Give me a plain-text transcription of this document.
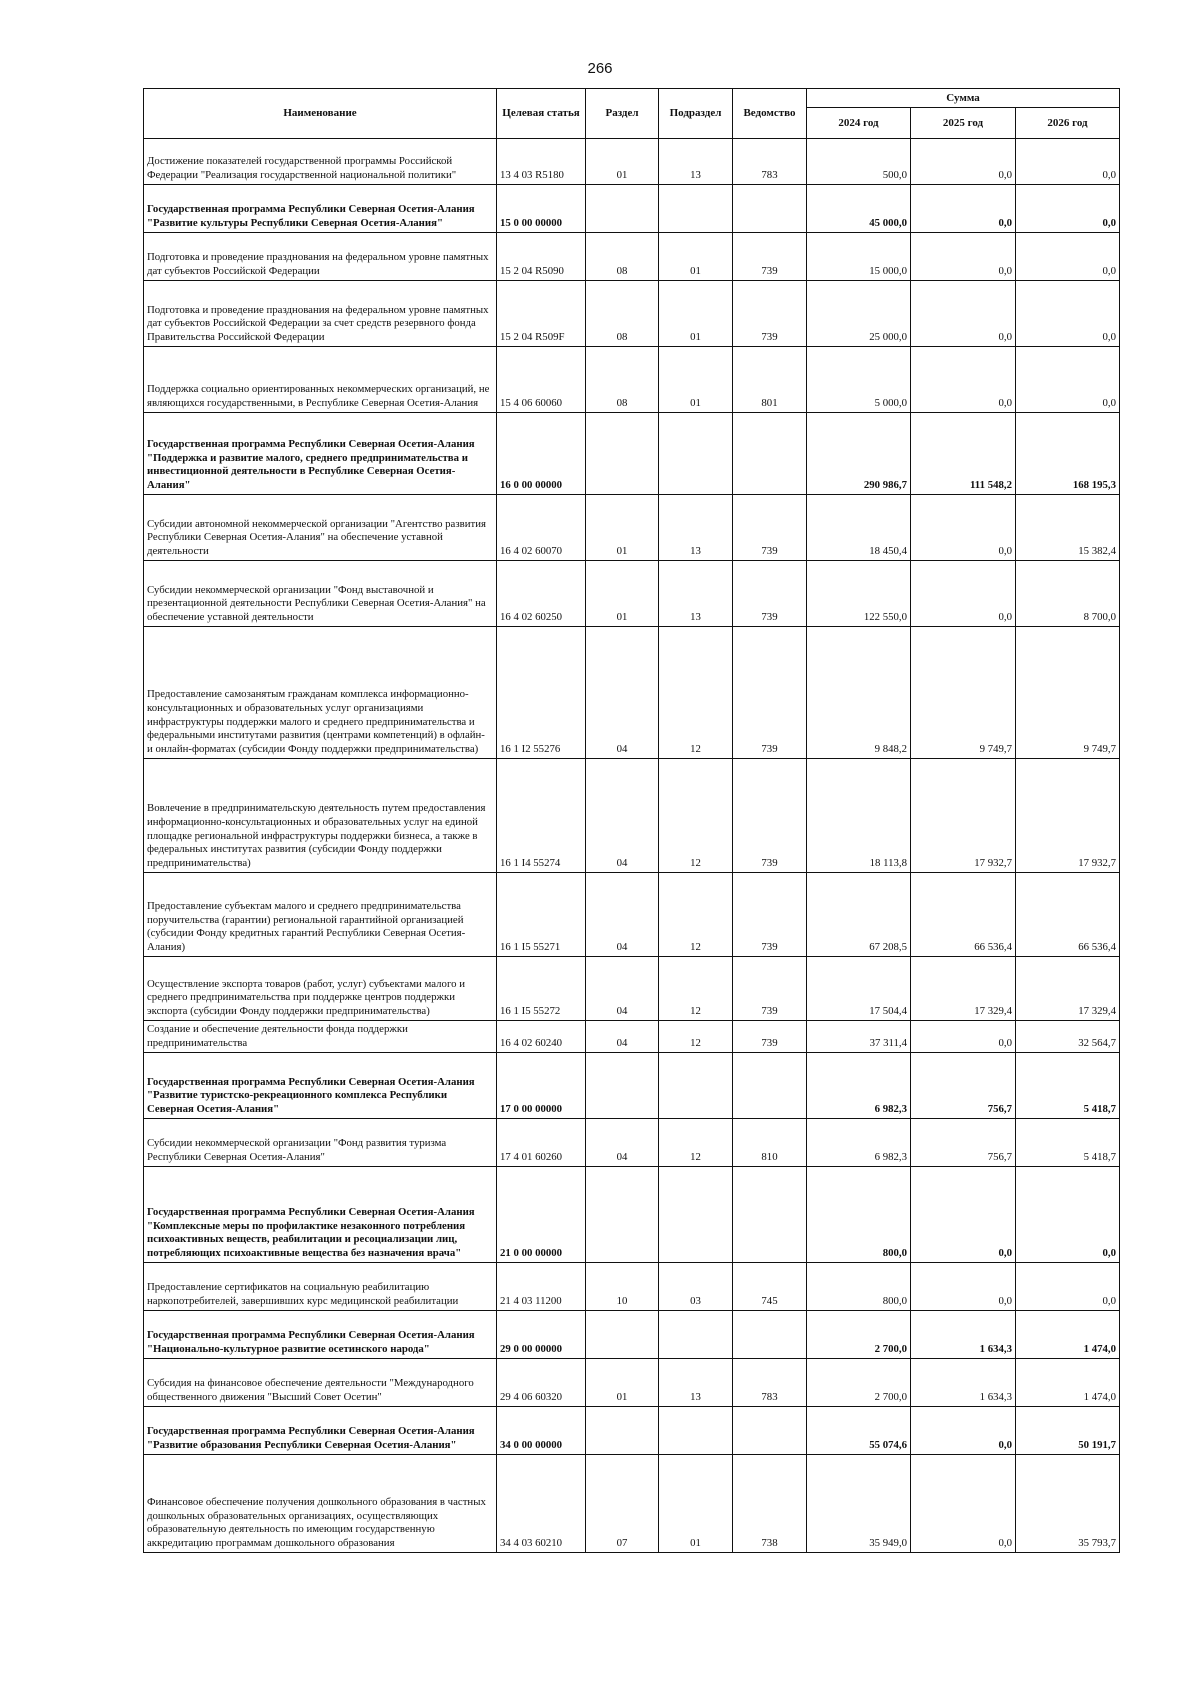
266
Наименование	Целевая статья	Раздел	Подраздел	Ведомство	Сумма		
					2024 год	2025 год	2026 год
Достижение показателей государственной программы Российской Федерации "Реализация государственной национальной политики"	13 4 03 R5180	01	13	783	500,0	0,0	0,0
Государственная программа Республики Северная Осетия-Алания "Развитие культуры Республики Северная Осетия-Алания"	15 0 00 00000				45 000,0	0,0	0,0
Подготовка и проведение празднования на федеральном уровне памятных дат субъектов Российской Федерации	15 2 04 R5090	08	01	739	15 000,0	0,0	0,0
Подготовка и проведение празднования на федеральном уровне памятных дат субъектов Российской Федерации за счет средств резервного фонда Правительства Российской Федерации	15 2 04 R509F	08	01	739	25 000,0	0,0	0,0
Поддержка социально ориентированных некоммерческих организаций, не являющихся государственными, в Республике Северная Осетия-Алания	15 4 06 60060	08	01	801	5 000,0	0,0	0,0
Государственная программа Республики Северная Осетия-Алания "Поддержка и развитие малого, среднего предпринимательства и инвестиционной деятельности в Республике Северная Осетия-Алания"	16 0 00 00000				290 986,7	111 548,2	168 195,3
Субсидии автономной некоммерческой организации "Агентство развития Республики Северная Осетия-Алания" на обеспечение уставной деятельности	16 4 02 60070	01	13	739	18 450,4	0,0	15 382,4
Субсидии некоммерческой организации "Фонд выставочной и презентационной деятельности Республики Северная Осетия-Алания" на обеспечение уставной деятельности	16 4 02 60250	01	13	739	122 550,0	0,0	8 700,0
Предоставление самозанятым гражданам комплекса информационно-консультационных и образовательных услуг организациями инфраструктуры поддержки малого и среднего предпринимательства и федеральными институтами развития (центрами компетенций) в офлайн- и онлайн-форматах (субсидии Фонду поддержки предпринимательства)	16 1 I2 55276	04	12	739	9 848,2	9 749,7	9 749,7
Вовлечение в предпринимательскую деятельность путем предоставления информационно-консультационных и образовательных услуг на единой площадке региональной инфраструктуры поддержки бизнеса, а также в федеральных институтах развития (субсидии Фонду поддержки предпринимательства)	16 1 I4 55274	04	12	739	18 113,8	17 932,7	17 932,7
Предоставление субъектам малого и среднего предпринимательства поручительства (гарантии) региональной гарантийной организацией (субсидии Фонду кредитных гарантий Республики Северная Осетия-Алания)	16 1 I5 55271	04	12	739	67 208,5	66 536,4	66 536,4
Осуществление экспорта товаров (работ, услуг) субъектами малого и среднего предпринимательства при поддержке центров поддержки экспорта (субсидии Фонду поддержки предпринимательства)	16 1 I5 55272	04	12	739	17 504,4	17 329,4	17 329,4
Создание и обеспечение деятельности фонда поддержки предпринимательства	16 4 02 60240	04	12	739	37 311,4	0,0	32 564,7
Государственная программа Республики Северная Осетия-Алания "Развитие туристско-рекреационного комплекса Республики Северная Осетия-Алания"	17 0 00 00000				6 982,3	756,7	5 418,7
Субсидии некоммерческой организации "Фонд развития туризма Республики Северная Осетия-Алания"	17 4 01 60260	04	12	810	6 982,3	756,7	5 418,7
Государственная программа Республики Северная Осетия-Алания "Комплексные меры по профилактике незаконного потребления психоактивных веществ, реабилитации и ресоциализации лиц, потребляющих психоактивные вещества без назначения врача"	21 0 00 00000				800,0	0,0	0,0
Предоставление сертификатов на социальную реабилитацию наркопотребителей, завершивших курс медицинской реабилитации	21 4 03 11200	10	03	745	800,0	0,0	0,0
Государственная программа Республики Северная Осетия-Алания "Национально-культурное развитие осетинского народа"	29 0 00 00000				2 700,0	1 634,3	1 474,0
Субсидия на финансовое обеспечение деятельности "Международного общественного движения "Высший Совет Осетин"	29 4 06 60320	01	13	783	2 700,0	1 634,3	1 474,0
Государственная программа Республики Северная Осетия-Алания "Развитие образования Республики Северная Осетия-Алания"	34 0 00 00000				55 074,6	0,0	50 191,7
Финансовое обеспечение получения дошкольного образования в частных дошкольных образовательных организациях, осуществляющих образовательную деятельность по имеющим государственную аккредитацию программам дошкольного образования	34 4 03 60210	07	01	738	35 949,0	0,0	35 793,7
